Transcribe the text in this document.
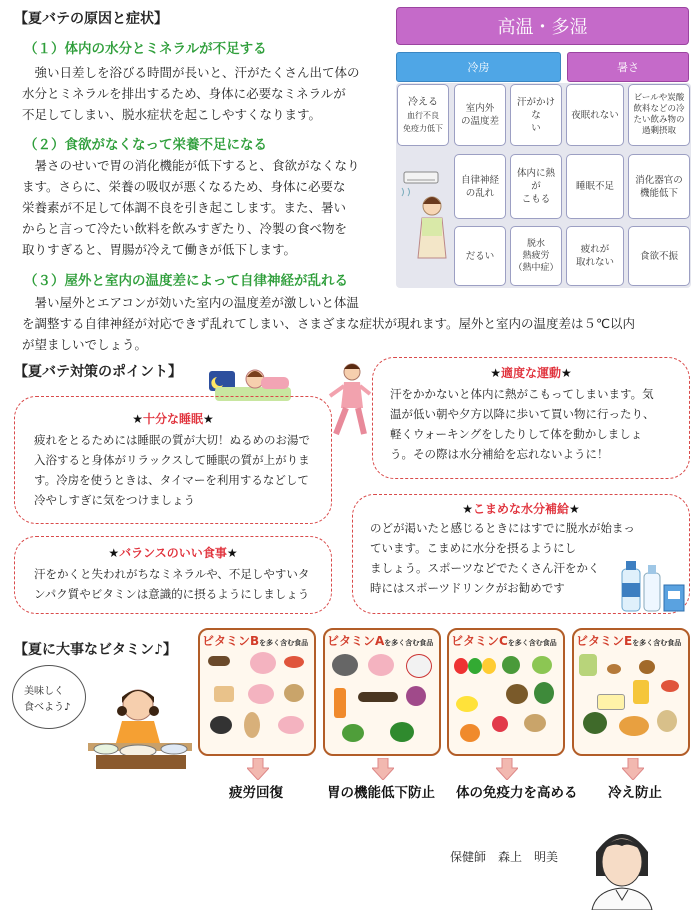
【夏バテの原因と症状】
（１）体内の水分とミネラルが不足する
　強い日差しを浴びる時間が長いと、汗がたくさん出て体の
水分とミネラルを排出するため、身体に必要なミネラルが
不足してしまい、脱水症状を起こしやすくなります。
（２）食欲がなくなって栄養不足になる
　暑さのせいで胃の消化機能が低下すると、食欲がなくなり
ます。さらに、栄養の吸収が悪くなるため、身体に必要な
栄養素が不足して体調不良を引き起こします。また、暑い
からと言って冷たい飲料を飲みすぎたり、冷製の食べ物を
取りすぎると、胃腸が冷えて働きが低下します。
（３）屋外と室内の温度差によって自律神経が乱れる
　暑い屋外とエアコンが効いた室内の温度差が激しいと体温
を調整する自律神経が対応できず乱れてしまい、さまざまな症状が現れます。屋外と室内の温度差は５℃以内
が望ましいでしょう。
高温・多湿
冷房	暑さ
冷える
血行不良
免疫力低下
室内外
の温度差
汗がかけな
い
夜眠れない
ビールや炭酸
飲料などの冷
たい飲み物の
過剰摂取
自律神経
の乱れ
体内に熱が
こもる
睡眠不足
消化器官の
機能低下
だるい
脱水
熱疲労
（熱中症）
疲れが
取れない
食欲不振
【夏バテ対策のポイント】
★十分な睡眠★
疲れをとるためには睡眠の質が大切！ぬるめのお湯で
入浴すると身体がリラックスして睡眠の質が上がりま
す。冷房を使うときは、タイマーを利用するなどして
冷やしすぎに気をつけましょう
★適度な運動★
汗をかかないと体内に熱がこもってしまいます。気
温が低い朝や夕方以降に歩いて買い物に行ったり、
軽くウォーキングをしたりして体を動かしましょ
う。その際は水分補給を忘れないように！
★バランスのいい食事★
汗をかくと失われがちなミネラルや、不足しやすいタ
ンパク質やビタミンは意識的に摂るようにしましょう
★こまめな水分補給★
のどが渇いたと感じるときにはすでに脱水が始まっ
ています。こまめに水分を摂るようにし
ましょう。スポーツなどでたくさん汗をかく
時にはスポーツドリンクがお勧めです
【夏に大事なビタミン♪】
美味しく
食べよう♪
ビタミンBを多く含む食品 ビタミンAを多く含む食品 ビタミンCを多く含む食品 ビタミンEを多く含む食品
疲労回復	胃の機能低下防止 体の免疫力を高める 冷え防止
保健師　森上　明美
